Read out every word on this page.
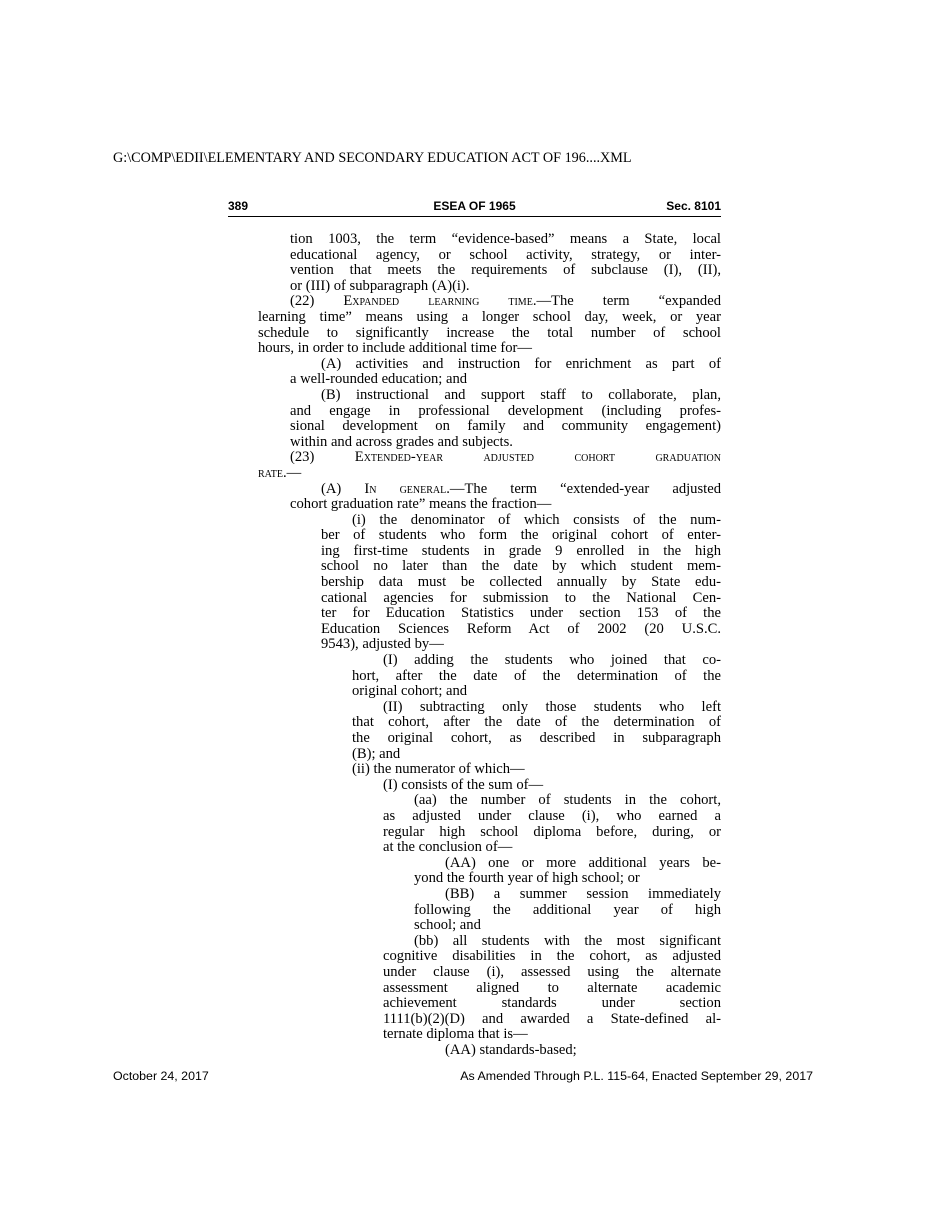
G:\COMP\EDII\ELEMENTARY AND SECONDARY EDUCATION ACT OF 196....XML
389	ESEA OF 1965	Sec. 8101
tion 1003, the term “evidence-based” means a State, local
educational agency, or school activity, strategy, or inter-
vention that meets the requirements of subclause (I), (II),
or (III) of subparagraph (A)(i).
(22) Expanded learning time.—The term “expanded
learning time” means using a longer school day, week, or year
schedule to significantly increase the total number of school
hours, in order to include additional time for—
(A) activities and instruction for enrichment as part of
a well-rounded education; and
(B) instructional and support staff to collaborate, plan,
and engage in professional development (including profes-
sional development on family and community engagement)
within and across grades and subjects.
(23) Extended-year adjusted cohort graduation
rate.—
(A) In general.—The term “extended-year adjusted
cohort graduation rate” means the fraction—
(i) the denominator of which consists of the num-
ber of students who form the original cohort of enter-
ing first-time students in grade 9 enrolled in the high
school no later than the date by which student mem-
bership data must be collected annually by State edu-
cational agencies for submission to the National Cen-
ter for Education Statistics under section 153 of the
Education Sciences Reform Act of 2002 (20 U.S.C.
9543), adjusted by—
(I) adding the students who joined that co-
hort, after the date of the determination of the
original cohort; and
(II) subtracting only those students who left
that cohort, after the date of the determination of
the original cohort, as described in subparagraph
(B); and
(ii) the numerator of which—
(I) consists of the sum of—
(aa) the number of students in the cohort,
as adjusted under clause (i), who earned a
regular high school diploma before, during, or
at the conclusion of—
(AA) one or more additional years be-
yond the fourth year of high school; or
(BB) a summer session immediately
following the additional year of high
school; and
(bb) all students with the most significant
cognitive disabilities in the cohort, as adjusted
under clause (i), assessed using the alternate
assessment aligned to alternate academic
achievement standards under section
1111(b)(2)(D) and awarded a State-defined al-
ternate diploma that is—
(AA) standards-based;
October 24, 2017	As Amended Through P.L. 115-64, Enacted September 29, 2017
